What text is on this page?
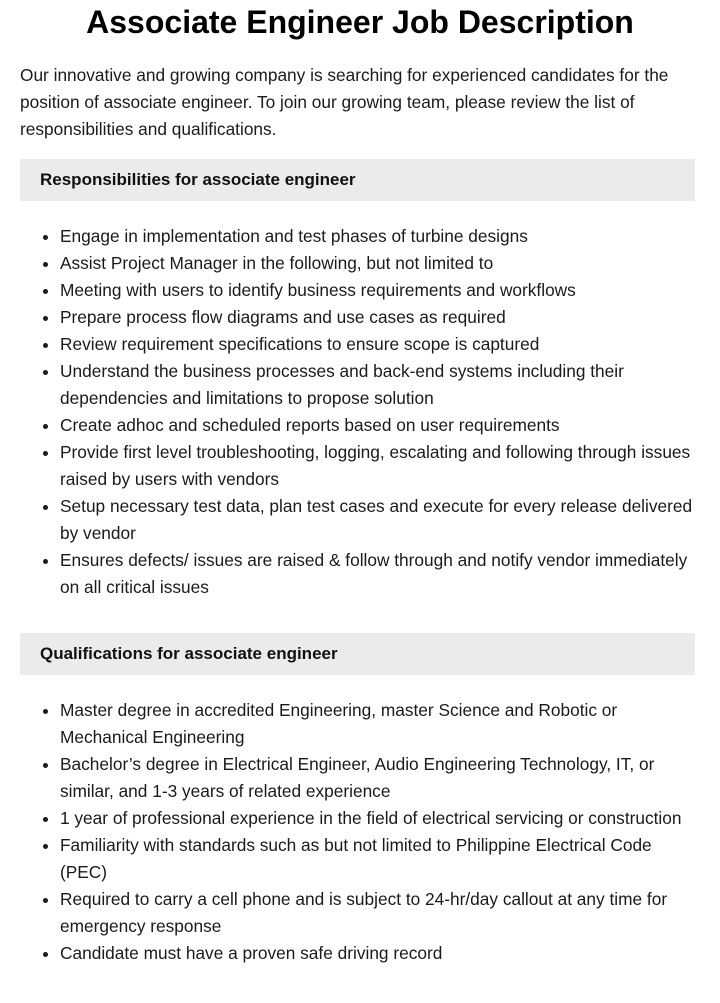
Associate Engineer Job Description

Our innovative and growing company is searching for experienced candidates for the position of associate engineer. To join our growing team, please review the list of responsibilities and qualifications.

Responsibilities for associate engineer
• Engage in implementation and test phases of turbine designs
• Assist Project Manager in the following, but not limited to
• Meeting with users to identify business requirements and workflows
• Prepare process flow diagrams and use cases as required
• Review requirement specifications to ensure scope is captured
• Understand the business processes and back-end systems including their dependencies and limitations to propose solution
• Create adhoc and scheduled reports based on user requirements
• Provide first level troubleshooting, logging, escalating and following through issues raised by users with vendors
• Setup necessary test data, plan test cases and execute for every release delivered by vendor
• Ensures defects/ issues are raised & follow through and notify vendor immediately on all critical issues
Qualifications for associate engineer
• Master degree in accredited Engineering, master Science and Robotic or Mechanical Engineering
• Bachelor’s degree in Electrical Engineer, Audio Engineering Technology, IT, or similar, and 1-3 years of related experience
• 1 year of professional experience in the field of electrical servicing or construction
• Familiarity with standards such as but not limited to Philippine Electrical Code (PEC)
• Required to carry a cell phone and is subject to 24-hr/day callout at any time for emergency response
• Candidate must have a proven safe driving record
